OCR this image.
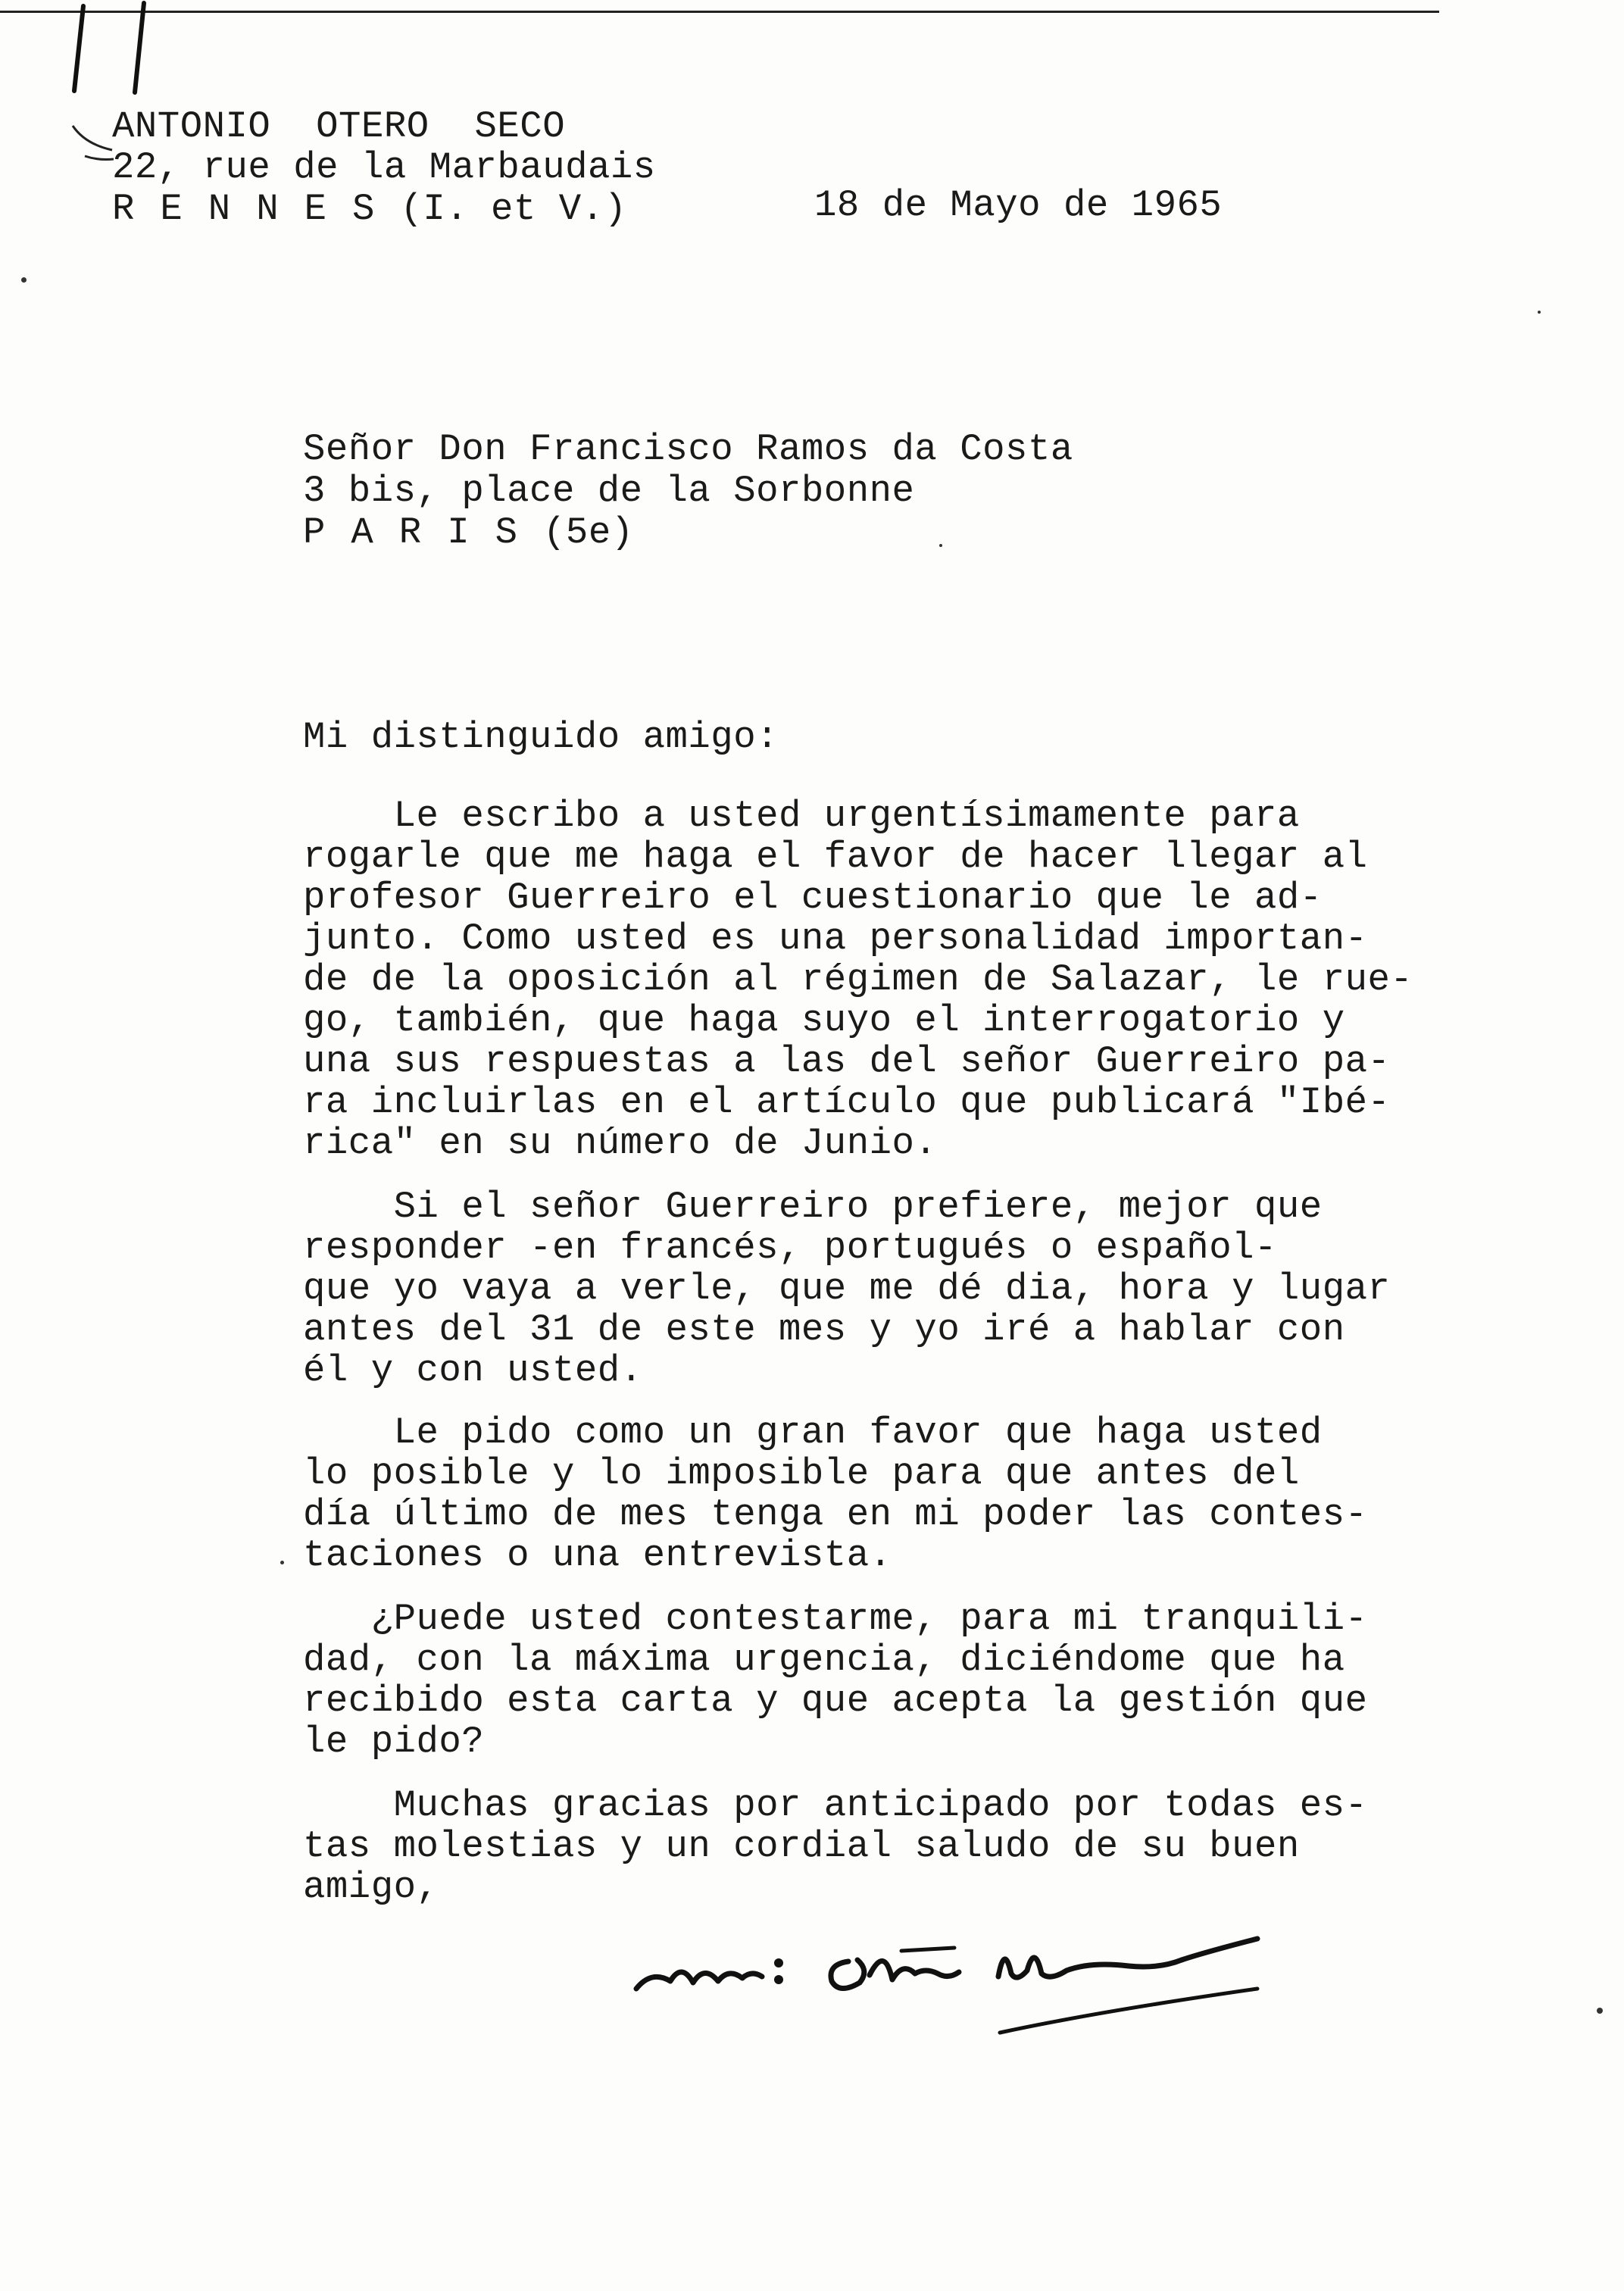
ANTONIO  OTERO  SECO
22, rue de la Marbaudais
RENNES(I. et V.)	18 de Mayo de 1965
Señor Don Francisco Ramos da Costa
3 bis, place de la Sorbonne
PARIS(5e)
Mi distinguido amigo:
Le escribo a usted urgentísimamente para
rogarle que me haga el favor de hacer llegar al
profesor Guerreiro el cuestionario que le ad-
junto. Como usted es una personalidad importan-
de de la oposición al régimen de Salazar, le rue-
go, también, que haga suyo el interrogatorio y
una sus respuestas a las del señor Guerreiro pa-
ra incluirlas en el artículo que publicará "Ibé-
rica" en su número de Junio.
Si el señor Guerreiro prefiere, mejor que
responder -en francés, portugués o español-
que yo vaya a verle, que me dé dia, hora y lugar
antes del 31 de este mes y yo iré a hablar con
él y con usted.
Le pido como un gran favor que haga usted
lo posible y lo imposible para que antes del
día último de mes tenga en mi poder las contes-
taciones o una entrevista.
¿Puede usted contestarme, para mi tranquili-
dad, con la máxima urgencia, diciéndome que ha
recibido esta carta y que acepta la gestión que
le pido?
Muchas gracias por anticipado por todas es-
tas molestias y un cordial saludo de su buen
amigo,
